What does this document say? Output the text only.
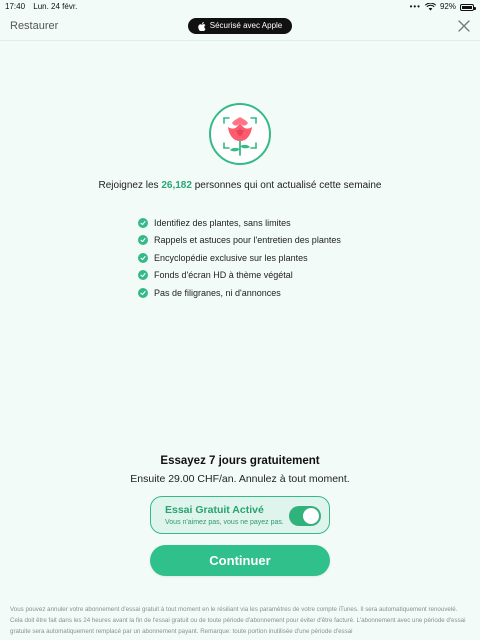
17:40 Lun. 24 févr.	••• 92%
Restaurer	Sécurisé avec Apple
Rejoignez les 26,182 personnes qui ont actualisé cette semaine
Identifiez des plantes, sans limites
Rappels et astuces pour l'entretien des plantes
Encyclopédie exclusive sur les plantes
Fonds d'écran HD à thème végétal
Pas de filigranes, ni d'annonces
Essayez 7 jours gratuitement
Ensuite 29.00 CHF/an. Annulez à tout moment.
Essai Gratuit Activé
Vous n'aimez pas, vous ne payez pas.
Continuer
Vous pouvez annuler votre abonnement d'essai gratuit à tout moment en le résiliant via les paramètres de votre compte iTunes. Il sera automatiquement renouvelé. Cela doit être fait dans les 24 heures avant la fin de l'essai gratuit ou de toute période d'abonnement pour éviter d'être facturé. L'abonnement avec une période d'essai gratuite sera automatiquement remplacé par un abonnement payant. Remarque: toute portion inutilisée d'une période d'essai
